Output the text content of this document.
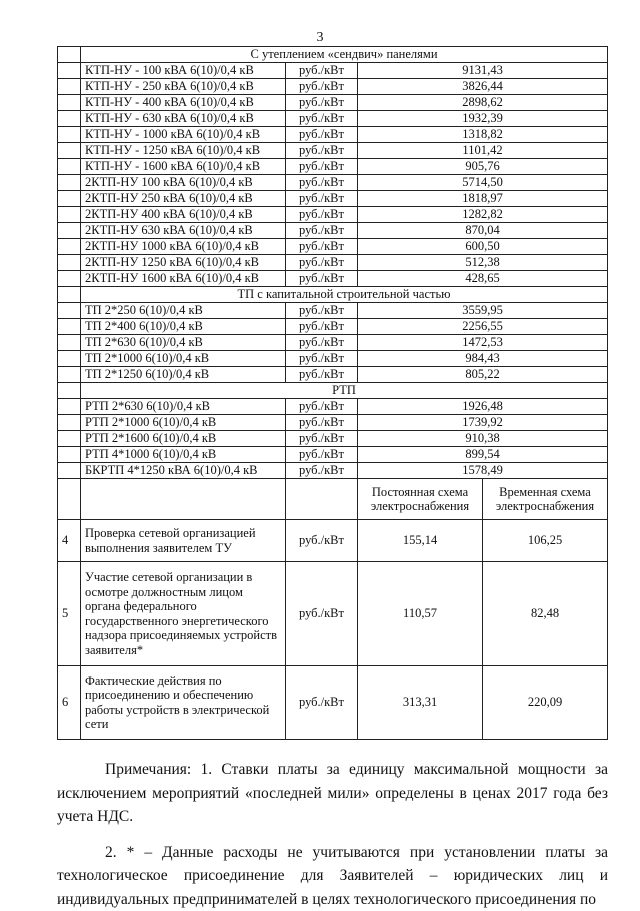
3
	С утеплением «сендвич» панелями			
	КТП-НУ - 100 кВА 6(10)/0,4 кВ	руб./кВт	9131,43	
	КТП-НУ - 250 кВА 6(10)/0,4 кВ	руб./кВт	3826,44	
	КТП-НУ - 400 кВА 6(10)/0,4 кВ	руб./кВт	2898,62	
	КТП-НУ - 630 кВА 6(10)/0,4 кВ	руб./кВт	1932,39	
	КТП-НУ - 1000 кВА 6(10)/0,4 кВ	руб./кВт	1318,82	
	КТП-НУ - 1250 кВА 6(10)/0,4 кВ	руб./кВт	1101,42	
	КТП-НУ - 1600 кВА 6(10)/0,4 кВ	руб./кВт	905,76	
	2КТП-НУ 100 кВА 6(10)/0,4 кВ	руб./кВт	5714,50	
	2КТП-НУ 250 кВА 6(10)/0,4 кВ	руб./кВт	1818,97	
	2КТП-НУ 400 кВА 6(10)/0,4 кВ	руб./кВт	1282,82	
	2КТП-НУ 630 кВА 6(10)/0,4 кВ	руб./кВт	870,04	
	2КТП-НУ 1000 кВА 6(10)/0,4 кВ	руб./кВт	600,50	
	2КТП-НУ 1250 кВА 6(10)/0,4 кВ	руб./кВт	512,38	
	2КТП-НУ 1600 кВА 6(10)/0,4 кВ	руб./кВт	428,65	
	ТП с капитальной строительной частью			
	ТП 2*250 6(10)/0,4 кВ	руб./кВт	3559,95	
	ТП 2*400 6(10)/0,4 кВ	руб./кВт	2256,55	
	ТП 2*630 6(10)/0,4 кВ	руб./кВт	1472,53	
	ТП 2*1000 6(10)/0,4 кВ	руб./кВт	984,43	
	ТП 2*1250 6(10)/0,4 кВ	руб./кВт	805,22	
	РТП			
	РТП 2*630 6(10)/0,4 кВ	руб./кВт	1926,48	
	РТП 2*1000 6(10)/0,4 кВ	руб./кВт	1739,92	
	РТП 2*1600 6(10)/0,4 кВ	руб./кВт	910,38	
	РТП 4*1000 6(10)/0,4 кВ	руб./кВт	899,54	
	БКРТП 4*1250 кВА 6(10)/0,4 кВ	руб./кВт	1578,49	
			Постоянная схема электроснабжения	Временная схема электроснабжения
4	Проверка сетевой организацией выполнения заявителем ТУ	руб./кВт	155,14	106,25
5	Участие сетевой организации в осмотре должностным лицом органа федерального государственного энергетического надзора присоединяемых устройств заявителя*	руб./кВт	110,57	82,48
6	Фактические действия по присоединению и обеспечению работы устройств в электрической сети	руб./кВт	313,31	220,09

Примечания: 1. Ставки платы за единицу максимальной мощности за исключением мероприятий «последней мили» определены в ценах 2017 года без учета НДС.

2. * – Данные расходы не учитываются при установлении платы за технологическое присоединение для Заявителей – юридических лиц и индивидуальных предпринимателей в целях технологического присоединения по
